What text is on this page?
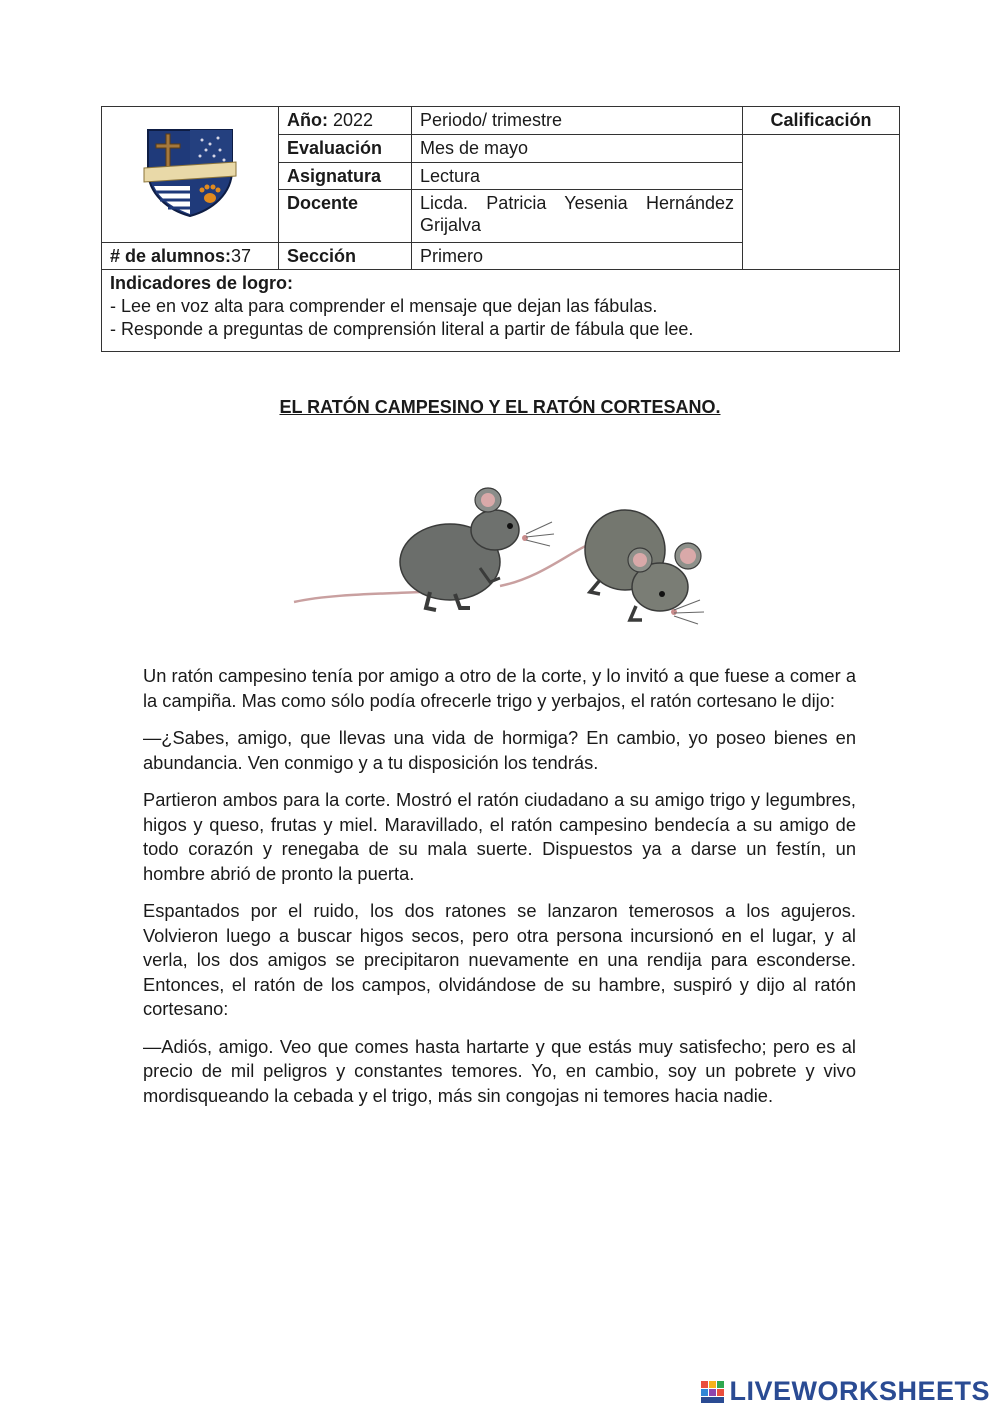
	Año: 2022	Periodo/ trimestre	Calificación
	Evaluación	Mes de mayo	
	Asignatura	Lectura	
	Docente	Licda. Patricia Yesenia Hernández Grijalva	
# de alumnos:37	Sección	Primero	

Indicadores de logro:
- Lee en voz alta para comprender el mensaje que dejan las fábulas.
- Responde a preguntas de comprensión literal a partir de fábula que lee.			
EL RATÓN CAMPESINO Y EL RATÓN CORTESANO.

Un ratón campesino tenía por amigo a otro de la corte, y lo invitó a que fuese a comer a la campiña. Mas como sólo podía ofrecerle trigo y yerbajos, el ratón cortesano le dijo:

—¿Sabes, amigo, que llevas una vida de hormiga? En cambio, yo poseo bienes en abundancia. Ven conmigo y a tu disposición los tendrás.

Partieron ambos para la corte. Mostró el ratón ciudadano a su amigo trigo y legumbres, higos y queso, frutas y miel. Maravillado, el ratón campesino bendecía a su amigo de todo corazón y renegaba de su mala suerte. Dispuestos ya a darse un festín, un hombre abrió de pronto la puerta.

Espantados por el ruido, los dos ratones se lanzaron temerosos a los agujeros. Volvieron luego a buscar higos secos, pero otra persona incursionó en el lugar, y al verla, los dos amigos se precipitaron nuevamente en una rendija para esconderse. Entonces, el ratón de los campos, olvidándose de su hambre, suspiró y dijo al ratón cortesano:

—Adiós, amigo. Veo que comes hasta hartarte y que estás muy satisfecho; pero es al precio de mil peligros y constantes temores. Yo, en cambio, soy un pobrete y vivo mordisqueando la cebada y el trigo, más sin congojas ni temores hacia nadie.

LIVEWORKSHEETS
